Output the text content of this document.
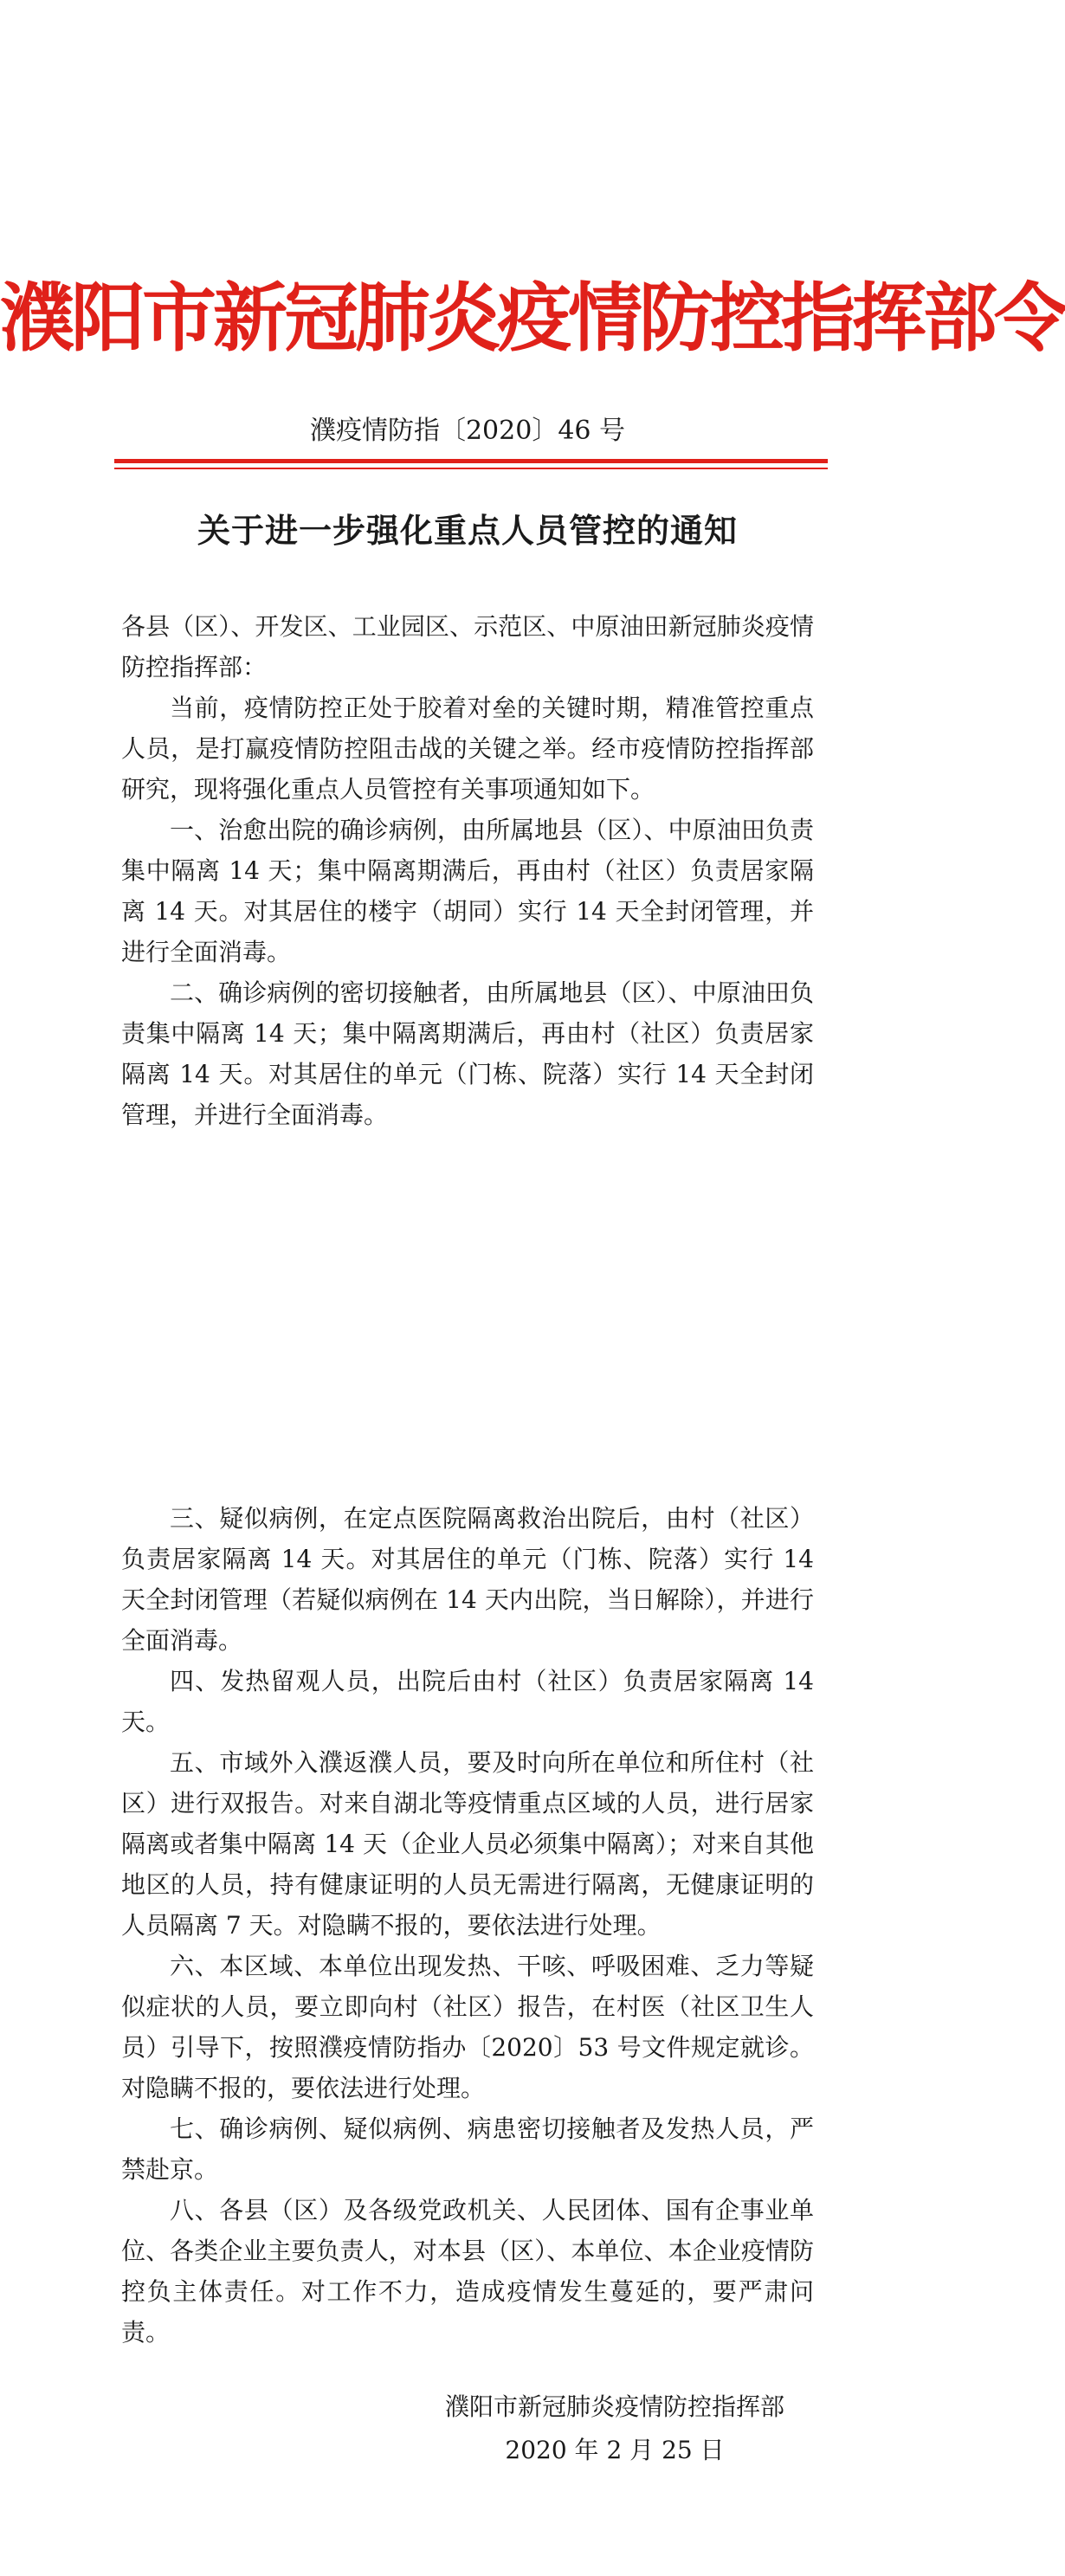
濮阳市新冠肺炎疫情防控指挥部令
濮疫情防指〔2020〕46 号
关于进一步强化重点人员管控的通知

各县（区）、开发区、工业园区、示范区、中原油田新冠肺炎疫情防控指挥部：

当前，疫情防控正处于胶着对垒的关键时期，精准管控重点人员，是打赢疫情防控阻击战的关键之举。经市疫情防控指挥部研究，现将强化重点人员管控有关事项通知如下。

一、治愈出院的确诊病例，由所属地县（区）、中原油田负责集中隔离 14 天；集中隔离期满后，再由村（社区）负责居家隔离 14 天。对其居住的楼宇（胡同）实行 14 天全封闭管理，并进行全面消毒。

二、确诊病例的密切接触者，由所属地县（区）、中原油田负责集中隔离 14 天；集中隔离期满后，再由村（社区）负责居家隔离 14 天。对其居住的单元（门栋、院落）实行 14 天全封闭管理，并进行全面消毒。

三、疑似病例，在定点医院隔离救治出院后，由村（社区）负责居家隔离 14 天。对其居住的单元（门栋、院落）实行 14 天全封闭管理（若疑似病例在 14 天内出院，当日解除），并进行全面消毒。

四、发热留观人员，出院后由村（社区）负责居家隔离 14 天。

五、市域外入濮返濮人员，要及时向所在单位和所住村（社区）进行双报告。对来自湖北等疫情重点区域的人员，进行居家隔离或者集中隔离 14 天（企业人员必须集中隔离）；对来自其他地区的人员，持有健康证明的人员无需进行隔离，无健康证明的人员隔离 7 天。对隐瞒不报的，要依法进行处理。

六、本区域、本单位出现发热、干咳、呼吸困难、乏力等疑似症状的人员，要立即向村（社区）报告，在村医（社区卫生人员）引导下，按照濮疫情防指办〔2020〕53 号文件规定就诊。对隐瞒不报的，要依法进行处理。

七、确诊病例、疑似病例、病患密切接触者及发热人员，严禁赴京。

八、各县（区）及各级党政机关、人民团体、国有企事业单位、各类企业主要负责人，对本县（区）、本单位、本企业疫情防控负主体责任。对工作不力，造成疫情发生蔓延的，要严肃问责。

濮阳市新冠肺炎疫情防控指挥部
2020 年 2 月 25 日
